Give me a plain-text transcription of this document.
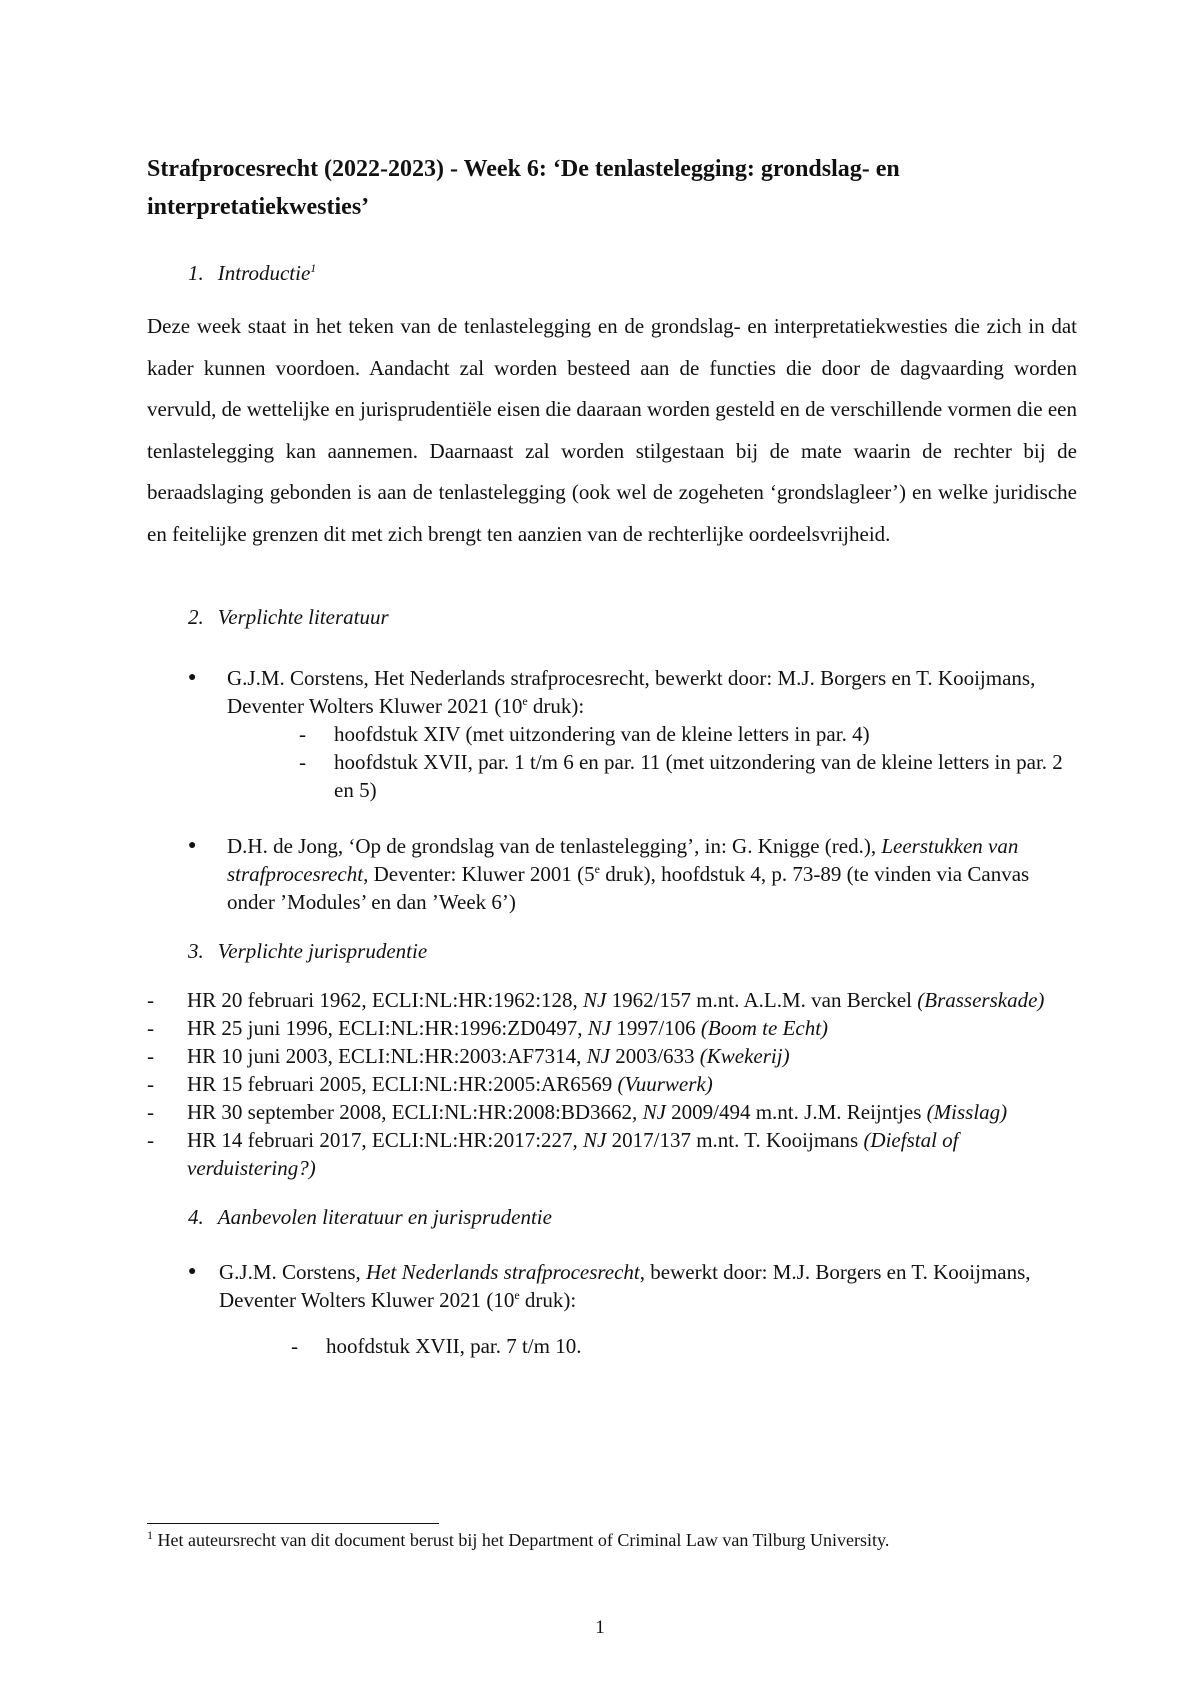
Strafprocesrecht (2022-2023) - Week 6: ‘De tenlastelegging: grondslag- en interpretatiekwesties’
1. Introductie$^1$

Deze week staat in het teken van de tenlastelegging en de grondslag- en interpretatiekwesties die zich in dat kader kunnen voordoen. Aandacht zal worden besteed aan de functies die door de dagvaarding worden vervuld, de wettelijke en jurisprudentiële eisen die daaraan worden gesteld en de verschillende vormen die een tenlastelegging kan aannemen. Daarnaast zal worden stilgestaan bij de mate waarin de rechter bij de beraadslaging gebonden is aan de tenlastelegging (ook wel de zogeheten ‘grondslagleer’) en welke juridische en feitelijke grenzen dit met zich brengt ten aanzien van de rechterlijke oordeelsvrijheid.

2. Verplichte literatuur
● G.J.M. Corstens, Het Nederlands strafprocesrecht, bewerkt door: M.J. Borgers en T. Kooijmans, Deventer Wolters Kluwer 2021 (10e druk):
- hoofdstuk XIV (met uitzondering van de kleine letters in par. 4)
- hoofdstuk XVII, par. 1 t/m 6 en par. 11 (met uitzondering van de kleine letters in par. 2 en 5)
● D.H. de Jong, ‘Op de grondslag van de tenlastelegging’, in: G. Knigge (red.), Leerstukken van strafprocesrecht, Deventer: Kluwer 2001 (5e druk), hoofdstuk 4, p. 73-89 (te vinden via Canvas onder ’Modules’ en dan ’Week 6’)
3. Verplichte jurisprudentie
- HR 20 februari 1962, ECLI:NL:HR:1962:128, NJ 1962/157 m.nt. A.L.M. van Berckel (Brasserskade)
- HR 25 juni 1996, ECLI:NL:HR:1996:ZD0497, NJ 1997/106 (Boom te Echt)
- HR 10 juni 2003, ECLI:NL:HR:2003:AF7314, NJ 2003/633 (Kwekerij)
- HR 15 februari 2005, ECLI:NL:HR:2005:AR6569 (Vuurwerk)
- HR 30 september 2008, ECLI:NL:HR:2008:BD3662, NJ 2009/494 m.nt. J.M. Reijntjes (Misslag)
- HR 14 februari 2017, ECLI:NL:HR:2017:227, NJ 2017/137 m.nt. T. Kooijmans (Diefstal of verduistering?)
4. Aanbevolen literatuur en jurisprudentie
● G.J.M. Corstens, Het Nederlands strafprocesrecht, bewerkt door: M.J. Borgers en T. Kooijmans, Deventer Wolters Kluwer 2021 (10e druk):
- hoofdstuk XVII, par. 7 t/m 10.
$^1$ Het auteursrecht van dit document berust bij het Department of Criminal Law van Tilburg University.
1
